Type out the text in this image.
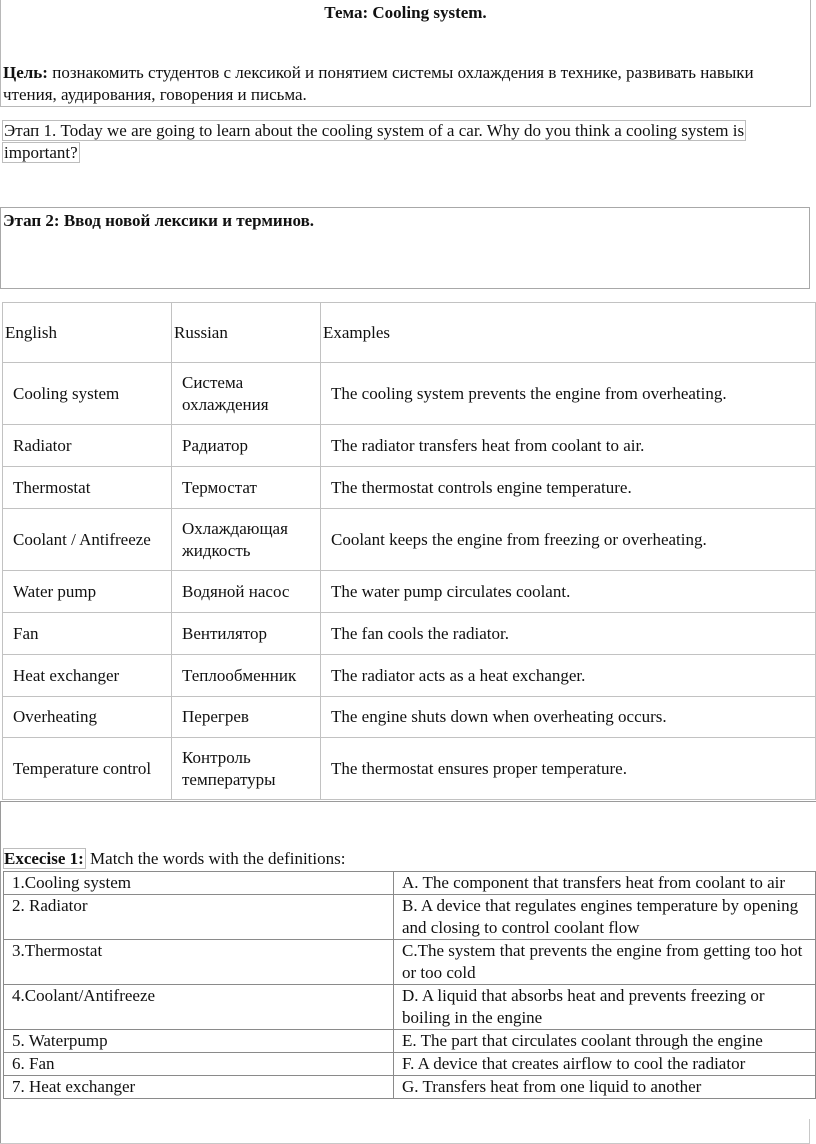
Тема: Cooling system.
Цель: познакомить студентов с лексикой и понятием системы охлаждения в технике, развивать навыки чтения, аудирования, говорения и письма.
Этап 1. Today we are going to learn about the cooling system of a car. Why do you think a cooling system is important?
Этап 2: Ввод новой лексики и терминов.
English	Russian	Examples
Cooling system	Система охлаждения	The cooling system prevents the engine from overheating.
Radiator	Радиатор	The radiator transfers heat from coolant to air.
Thermostat	Термостат	The thermostat controls engine temperature.
Coolant / Antifreeze	Охлаждающая жидкость	Coolant keeps the engine from freezing or overheating.
Water pump	Водяной насос	The water pump circulates coolant.
Fan	Вентилятор	The fan cools the radiator.
Heat exchanger	Теплообменник	The radiator acts as a heat exchanger.
Overheating	Перегрев	The engine shuts down when overheating occurs.
Temperature control	Контроль температуры	The thermostat ensures proper temperature.
Excecise 1: Match the words with the definitions:
1.Cooling system	A. The component that transfers heat from coolant to air
2. Radiator	B. A device that regulates engines temperature by opening and closing to control coolant flow
3.Thermostat	C.The system that prevents the engine from getting too hot or too cold
4.Coolant/Antifreeze	D. A liquid that absorbs heat and prevents freezing or boiling in the engine
5. Waterpump	E. The part that circulates coolant through the engine
6. Fan	F. A device that creates airflow to cool the radiator
7. Heat exchanger	G. Transfers heat from one liquid to another
